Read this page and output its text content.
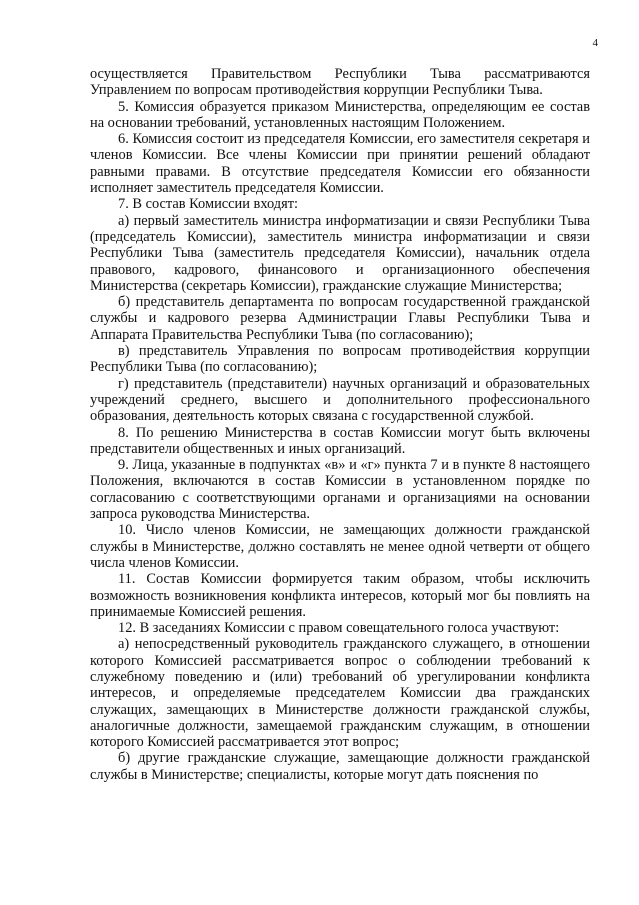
4

осуществляется Правительством Республики Тыва рассматриваются Управлением по вопросам противодействия коррупции Республики Тыва.

5. Комиссия образуется приказом Министерства, определяющим ее состав на основании требований, установленных настоящим Положением.

6. Комиссия состоит из председателя Комиссии, его заместителя секретаря и членов Комиссии. Все члены Комиссии при принятии решений обладают равными правами. В отсутствие председателя Комиссии его обязанности исполняет заместитель председателя Комиссии.

7. В состав Комиссии входят:

а) первый заместитель министра информатизации и связи Республики Тыва (председатель Комиссии), заместитель министра информатизации и связи Республики Тыва (заместитель председателя Комиссии), начальник отдела правового, кадрового, финансового и организационного обеспечения Министерства (секретарь Комиссии), гражданские служащие Министерства;

б) представитель департамента по вопросам государственной гражданской службы и кадрового резерва Администрации Главы Республики Тыва и Аппарата Правительства Республики Тыва (по согласованию);

в) представитель Управления по вопросам противодействия коррупции Республики Тыва (по согласованию);

г) представитель (представители) научных организаций и образовательных учреждений среднего, высшего и дополнительного профессионального образования, деятельность которых связана с государственной службой.

8. По решению Министерства в состав Комиссии могут быть включены представители общественных и иных организаций.

9. Лица, указанные в подпунктах «в» и «г» пункта 7 и в пункте 8 настоящего Положения, включаются в состав Комиссии в установленном порядке по согласованию с соответствующими органами и организациями на основании запроса руководства Министерства.

10. Число членов Комиссии, не замещающих должности гражданской службы в Министерстве, должно составлять не менее одной четверти от общего числа членов Комиссии.

11. Состав Комиссии формируется таким образом, чтобы исключить возможность возникновения конфликта интересов, который мог бы повлиять на принимаемые Комиссией решения.

12. В заседаниях Комиссии с правом совещательного голоса участвуют:

а) непосредственный руководитель гражданского служащего, в отношении которого Комиссией рассматривается вопрос о соблюдении требований к служебному поведению и (или) требований об урегулировании конфликта интересов, и определяемые председателем Комиссии два гражданских служащих, замещающих в Министерстве должности гражданской службы, аналогичные должности, замещаемой гражданским служащим, в отношении которого Комиссией рассматривается этот вопрос;

б) другие гражданские служащие, замещающие должности гражданской службы в Министерстве; специалисты, которые могут дать пояснения по
